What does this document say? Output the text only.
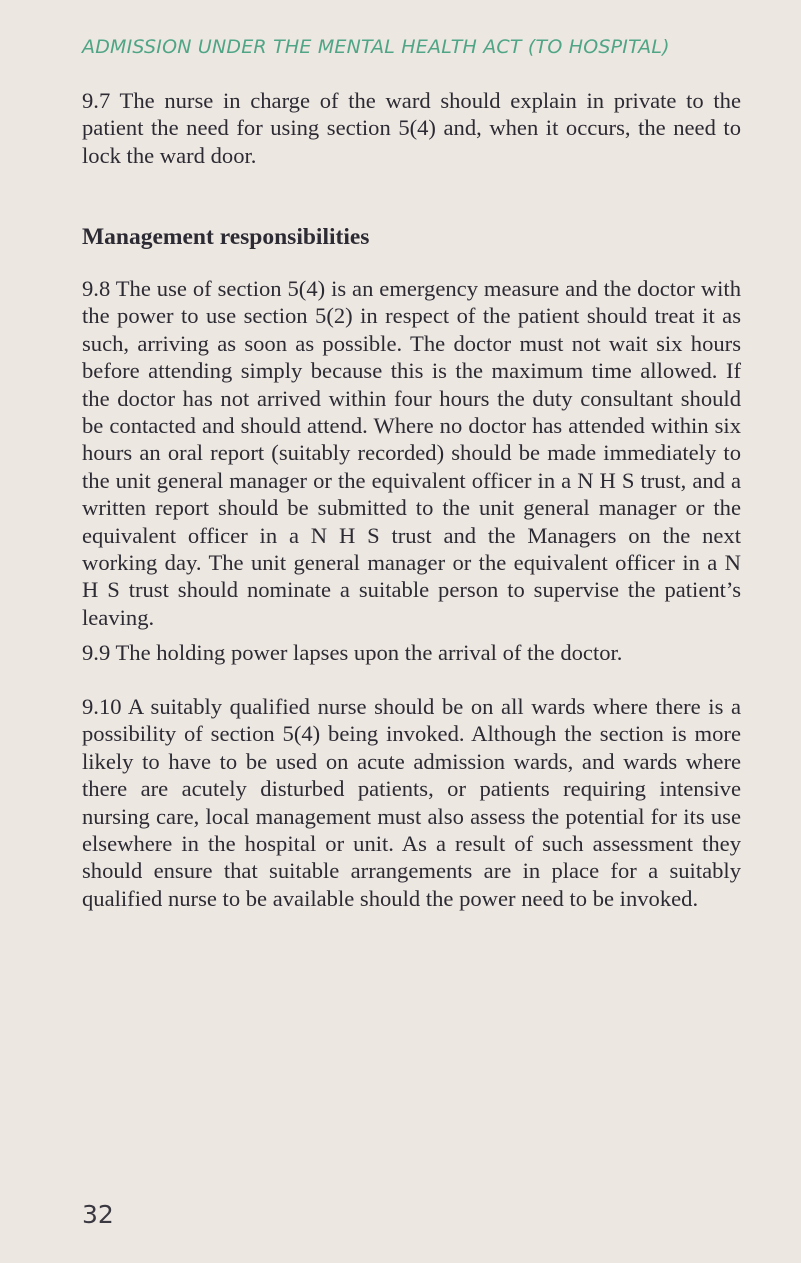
ADMISSION UNDER THE MENTAL HEALTH ACT (TO HOSPITAL)

9.7 The nurse in charge of the ward should explain in private to the patient the need for using section 5(4) and, when it occurs, the need to lock the ward door.

Management responsibilities

9.8 The use of section 5(4) is an emergency measure and the doctor with the power to use section 5(2) in respect of the patient should treat it as such, arriving as soon as possible. The doctor must not wait six hours before attending simply because this is the maximum time allowed. If the doctor has not arrived within four hours the duty consultant should be contacted and should attend. Where no doctor has attended within six hours an oral report (suitably recorded) should be made immediately to the unit general manager or the equivalent officer in a N H S trust, and a written report should be submitted to the unit general manager or the equivalent officer in a N H S trust and the Managers on the next working day. The unit general manager or the equivalent officer in a N H S trust should nominate a suitable person to supervise the patient’s leaving.

9.9 The holding power lapses upon the arrival of the doctor.

9.10 A suitably qualified nurse should be on all wards where there is a possibility of section 5(4) being invoked. Although the section is more likely to have to be used on acute admission wards, and wards where there are acutely disturbed patients, or patients requiring intensive nursing care, local management must also assess the potential for its use elsewhere in the hospital or unit. As a result of such assessment they should ensure that suitable arrangements are in place for a suitably qualified nurse to be available should the power need to be invoked.

32
